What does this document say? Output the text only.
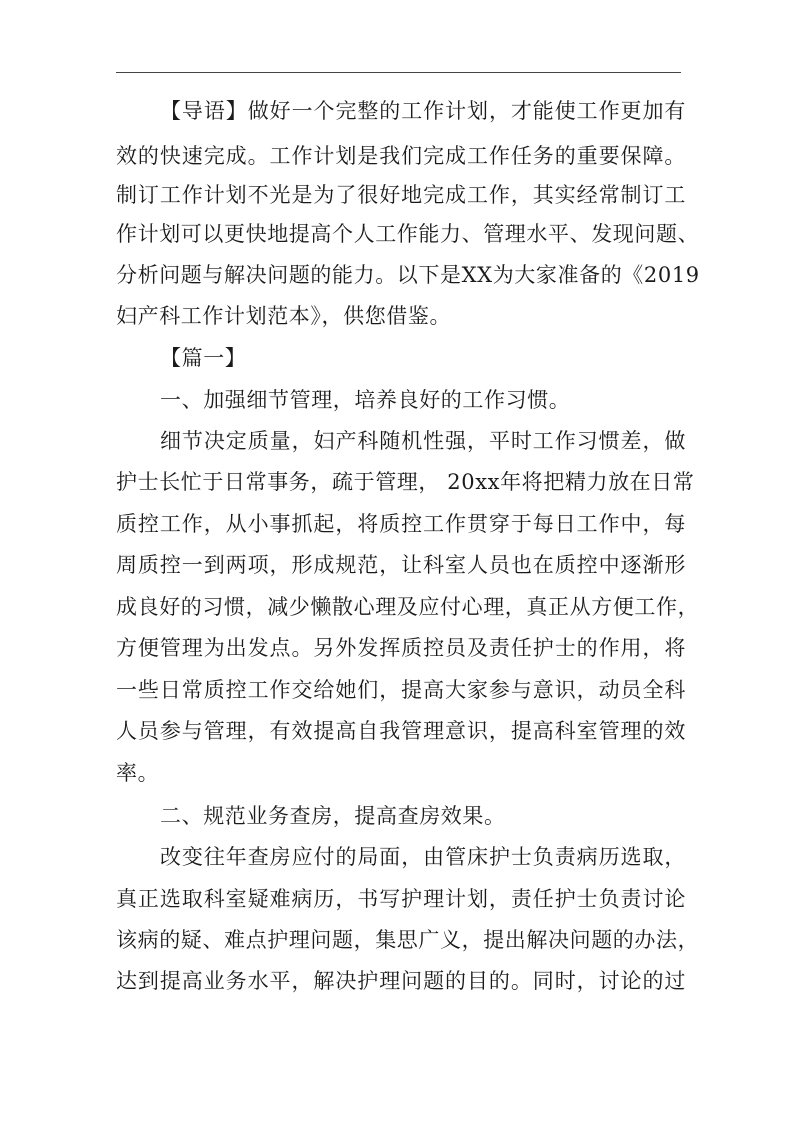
【导语】做好一个完整的工作计划，才能使工作更加有
效的快速完成。工作计划是我们完成工作任务的重要保障。
制订工作计划不光是为了很好地完成工作，其实经常制订工
作计划可以更快地提高个人工作能力、管理水平、发现问题、
分析问题与解决问题的能力。以下是XX为大家准备的《2019
妇产科工作计划范本》，供您借鉴。
【篇一】
一、加强细节管理，培养良好的工作习惯。
细节决定质量，妇产科随机性强，平时工作习惯差，做
护士长忙于日常事务，疏于管理， 20xx年将把精力放在日常
质控工作，从小事抓起，将质控工作贯穿于每日工作中，每
周质控一到两项，形成规范，让科室人员也在质控中逐渐形
成良好的习惯，减少懒散心理及应付心理，真正从方便工作，
方便管理为出发点。另外发挥质控员及责任护士的作用，将
一些日常质控工作交给她们，提高大家参与意识，动员全科
人员参与管理，有效提高自我管理意识，提高科室管理的效
率。
二、规范业务查房，提高查房效果。
改变往年查房应付的局面，由管床护士负责病历选取，
真正选取科室疑难病历，书写护理计划，责任护士负责讨论
该病的疑、难点护理问题，集思广义，提出解决问题的办法，
达到提高业务水平，解决护理问题的目的。同时，讨论的过
